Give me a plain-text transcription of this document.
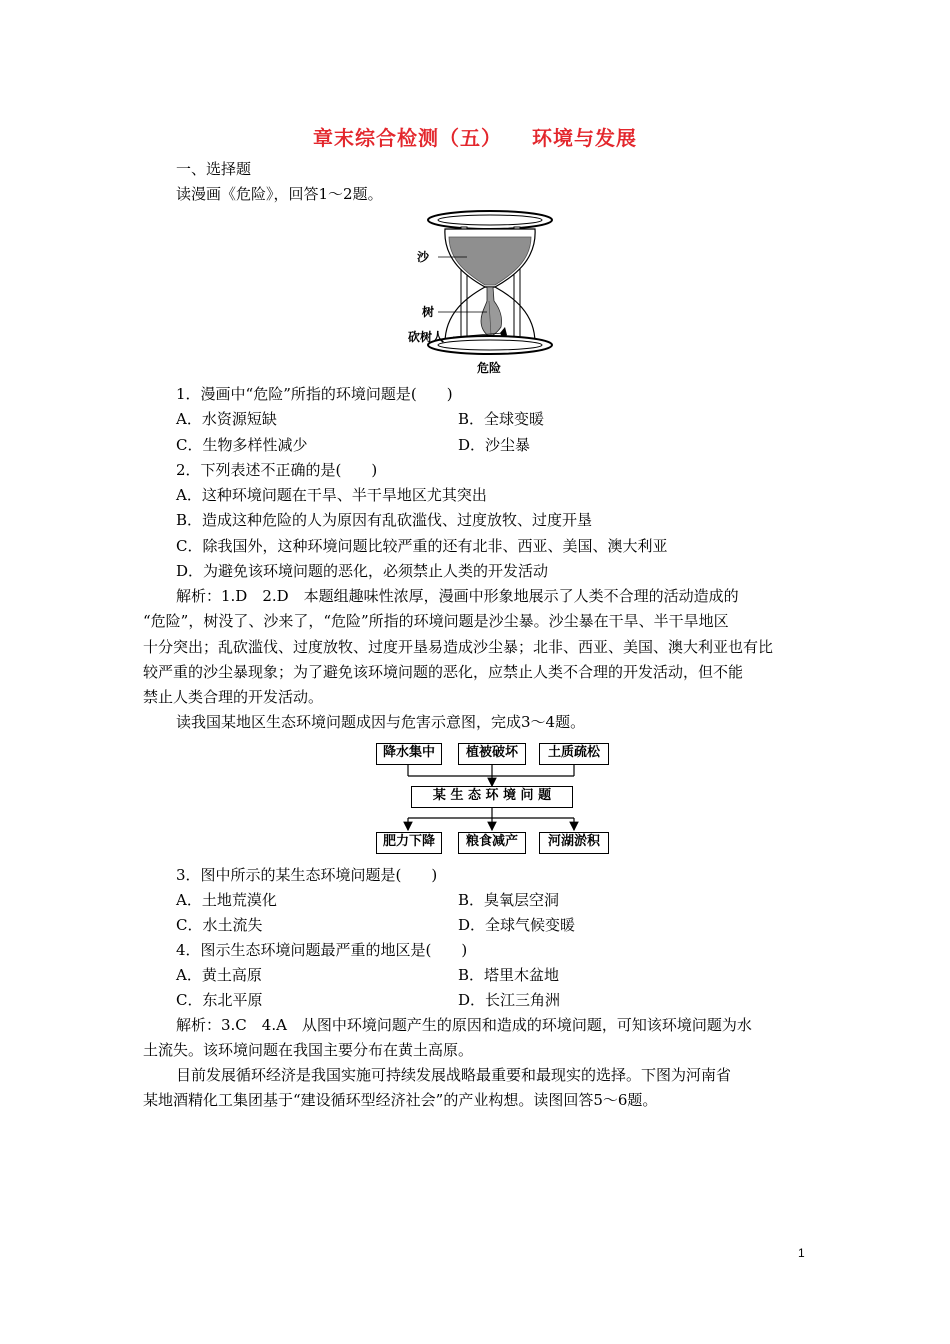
章末综合检测（五） 环境与发展
一、选择题
读漫画《危险》，回答1～2题。
沙
树
砍树人
危险
1．漫画中“危险”所指的环境问题是(　　)
A．水资源短缺	B．全球变暖
C．生物多样性减少	D．沙尘暴
2．下列表述不正确的是(　　)
A．这种环境问题在干旱、半干旱地区尤其突出
B．造成这种危险的人为原因有乱砍滥伐、过度放牧、过度开垦
C．除我国外，这种环境问题比较严重的还有北非、西亚、美国、澳大利亚
D．为避免该环境问题的恶化，必须禁止人类的开发活动
解析：1.D　2.D　本题组趣味性浓厚，漫画中形象地展示了人类不合理的活动造成的
“危险”，树没了、沙来了，“危险”所指的环境问题是沙尘暴。沙尘暴在干旱、半干旱地区
十分突出；乱砍滥伐、过度放牧、过度开垦易造成沙尘暴；北非、西亚、美国、澳大利亚也有比
较严重的沙尘暴现象；为了避免该环境问题的恶化，应禁止人类不合理的开发活动，但不能
禁止人类合理的开发活动。
读我国某地区生态环境问题成因与危害示意图，完成3～4题。
降水集中	植被破坏	土质疏松
某 生 态 环 境 问 题
肥力下降	粮食减产	河湖淤积
3．图中所示的某生态环境问题是(　　)
A．土地荒漠化	B．臭氧层空洞
C．水土流失	D．全球气候变暖
4．图示生态环境问题最严重的地区是(　　)
A．黄土高原	B．塔里木盆地
C．东北平原	D．长江三角洲
解析：3.C　4.A　从图中环境问题产生的原因和造成的环境问题，可知该环境问题为水
土流失。该环境问题在我国主要分布在黄土高原。
目前发展循环经济是我国实施可持续发展战略最重要和最现实的选择。下图为河南省
某地酒精化工集团基于“建设循环型经济社会”的产业构想。读图回答5～6题。
1
